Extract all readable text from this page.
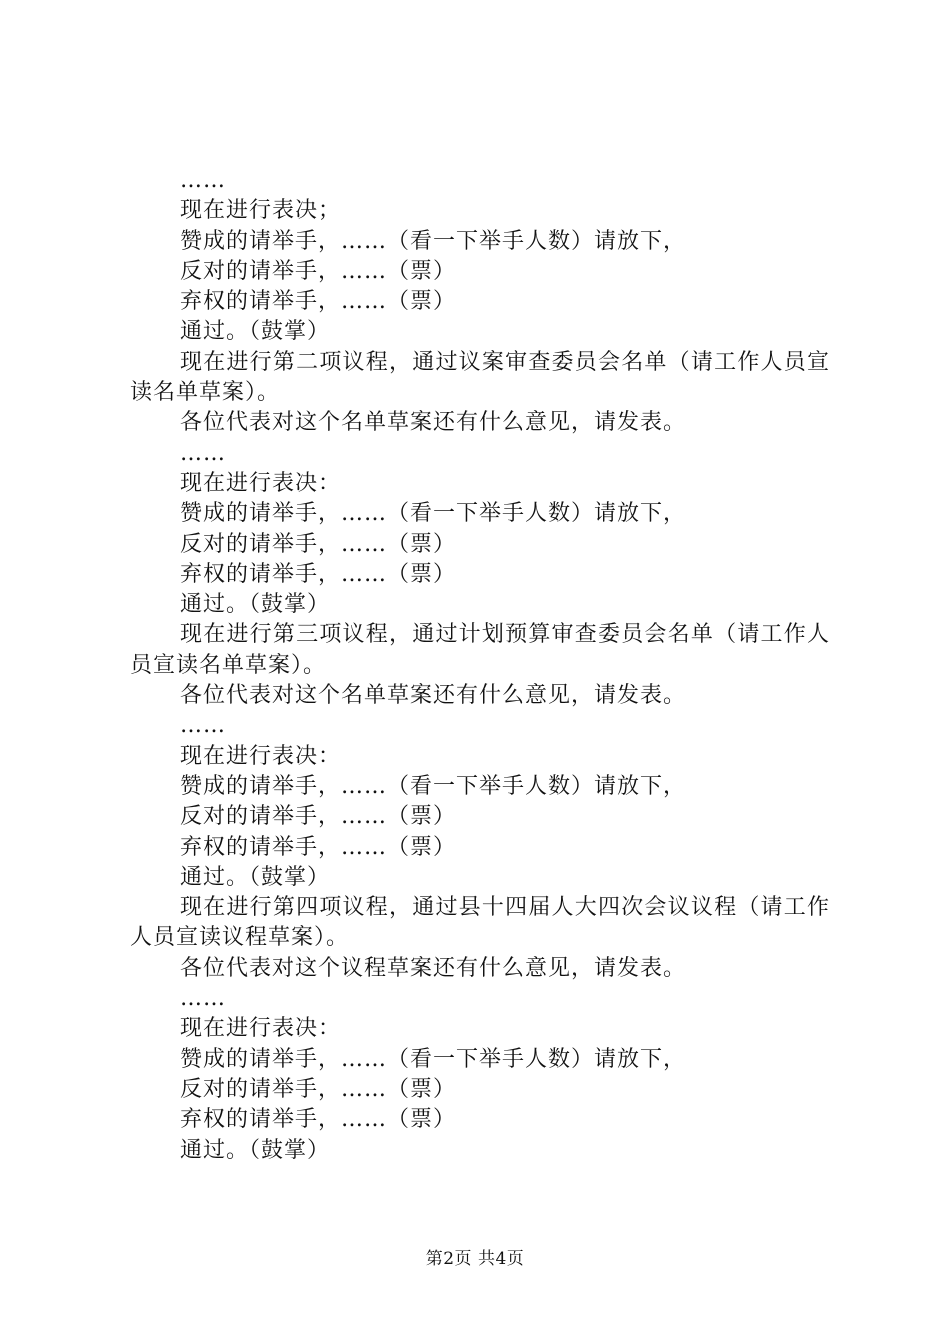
……
现在进行表决；
赞成的请举手，……（看一下举手人数）请放下，
反对的请举手，……（票）
弃权的请举手，……（票）
通过。（鼓掌）
现在进行第二项议程，通过议案审查委员会名单（请工作人员宣读名单草案）。
各位代表对这个名单草案还有什么意见，请发表。
……
现在进行表决：
赞成的请举手，……（看一下举手人数）请放下，
反对的请举手，……（票）
弃权的请举手，……（票）
通过。（鼓掌）
现在进行第三项议程，通过计划预算审查委员会名单（请工作人员宣读名单草案）。
各位代表对这个名单草案还有什么意见，请发表。
……
现在进行表决：
赞成的请举手，……（看一下举手人数）请放下，
反对的请举手，……（票）
弃权的请举手，……（票）
通过。（鼓掌）
现在进行第四项议程，通过县十四届人大四次会议议程（请工作人员宣读议程草案）。
各位代表对这个议程草案还有什么意见，请发表。
……
现在进行表决：
赞成的请举手，……（看一下举手人数）请放下，
反对的请举手，……（票）
弃权的请举手，……（票）
通过。（鼓掌）
第2页 共4页
